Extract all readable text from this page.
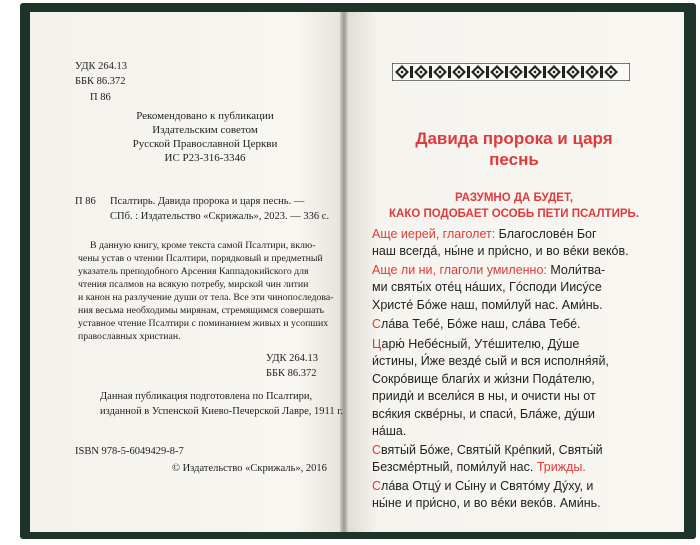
УДК 264.13

ББК 86.372

П 86

Рекомендовано к публикации

Издательским советом

Русской Православной Церкви

ИС Р23-316-3346

П 86 Псалтирь. Давида пророка и царя песнь. —

СПб. : Издательство «Скрижаль», 2023. — 336 с.

В данную книгу, кроме текста самой Псалтири, вклю-

чены устав о чтении Псалтири, порядковый и предметный

указатель преподобного Арсения Каппадокийского для

чтения псалмов на всякую потребу, мирской чин литии

и канон на разлучение души от тела. Все эти чинопоследова-

ния весьма необходимы мирянам, стремящимся совершать

уставное чтение Псалтири с поминанием живых и усопших

православных христиан.

УДК 264.13

ББК 86.372

Данная публикация подготовлена по Псалтири,

изданной в Успенской Киево-Печерской Лавре, 1911 г.

ISBN 978-5-6049429-8-7

© Издательство «Скрижаль», 2016

Давида пророка и царя

песнь

РАЗУМНО ДА БУДЕТ,

КАКО ПОДОБАЕТ ОСОБЬ ПЕТИ ПСАЛТИРЬ.

Аще иерей, глаголет: Благословéн Бог
наш всегдá, ны́не и при́сно, и во вéки векóв.
Аще ли ни, глаголи умиленно: Моли́тва-
ми святы́х отéц нáших, Гóсподи Иисýсе
Христé Бóже наш, поми́луй нас. Ами́нь.
Слáва Тебé, Бóже наш, слáва Тебé.
Царю́ Небéсный, Утéшителю, Дýше
и́стины, И́же вездé сый и вся исполня́яй,
Сокрóвище благи́х и жи́зни Подáтелю,
приидѝ и всели́ся в ны, и очисти ны от
вся́кия сквéрны, и спаси́, Блáже, дýши
нáша.
Святы́й Бóже, Святы́й Крéпкий, Святы́й
Безсмéртный, поми́луй нас. Трижды.
Слáва Отцý и Сы́ну и Святóму Дýху, и
ны́не и при́сно, и во вéки векóв. Ами́нь.
